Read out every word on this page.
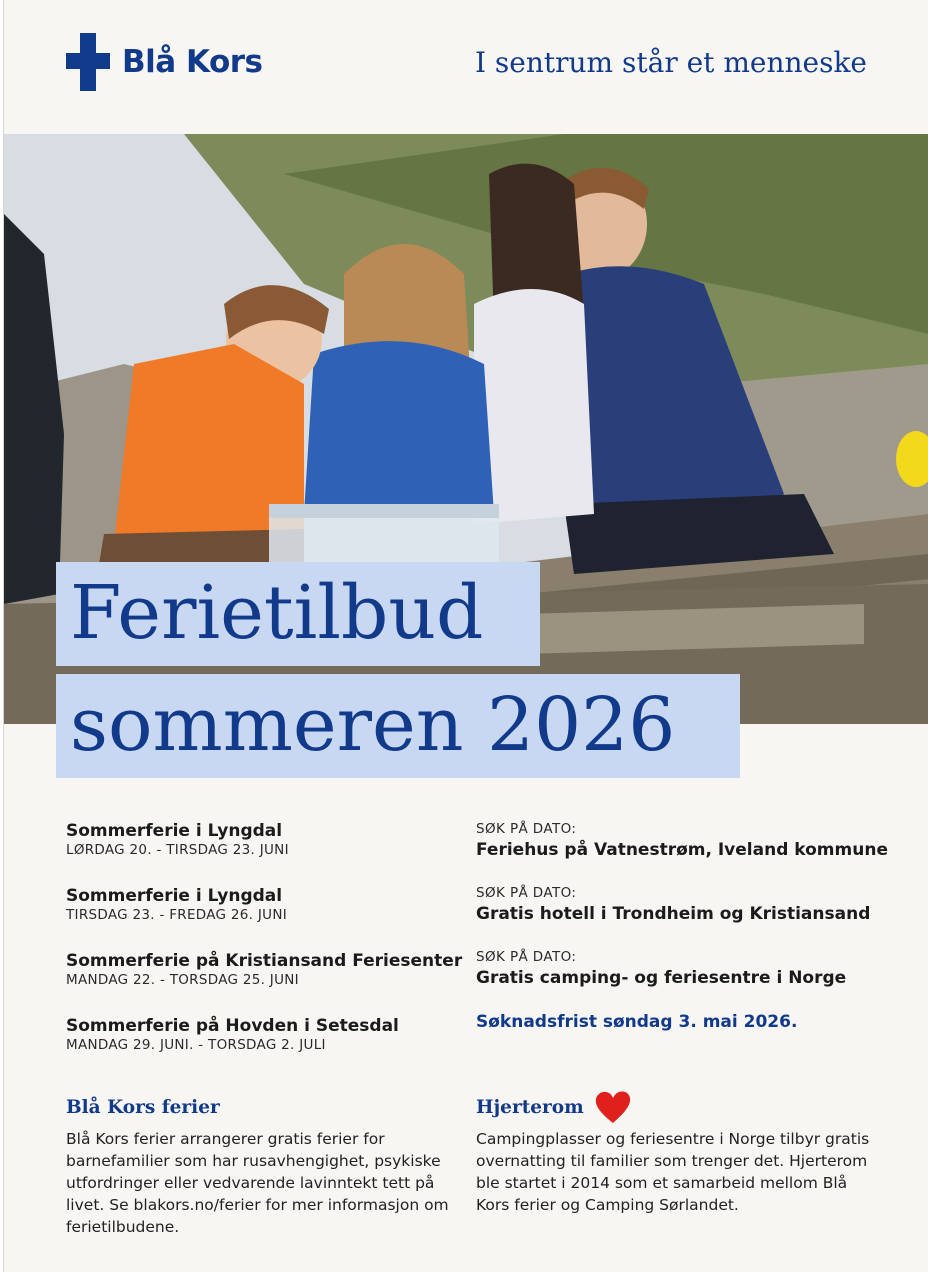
Blå Kors	I sentrum står et menneske
Ferietilbud
sommeren 2026
Sommerferie i Lyngdal
LØRDAG 20. - TIRSDAG 23. JUNI
Sommerferie i Lyngdal
TIRSDAG 23. - FREDAG 26. JUNI
Sommerferie på Kristiansand Feriesenter
MANDAG 22. - TORSDAG 25. JUNI
Sommerferie på Hovden i Setesdal
MANDAG 29. JUNI. - TORSDAG 2. JULI
SØK PÅ DATO:
Feriehus på Vatnestrøm, Iveland kommune
SØK PÅ DATO:
Gratis hotell i Trondheim og Kristiansand
SØK PÅ DATO:
Gratis camping- og feriesentre i Norge
Søknadsfrist søndag 3. mai 2026.
Blå Kors ferier
Blå Kors ferier arrangerer gratis ferier for barnefamilier som har rusavhengighet, psykiske utfordringer eller vedvarende lavinntekt tett på livet. Se blakors.no/ferier for mer informasjon om ferietilbudene.
Hjerterom
Campingplasser og feriesentre i Norge tilbyr gratis overnatting til familier som trenger det. Hjerterom ble startet i 2014 som et samarbeid mellom Blå Kors ferier og Camping Sørlandet.
